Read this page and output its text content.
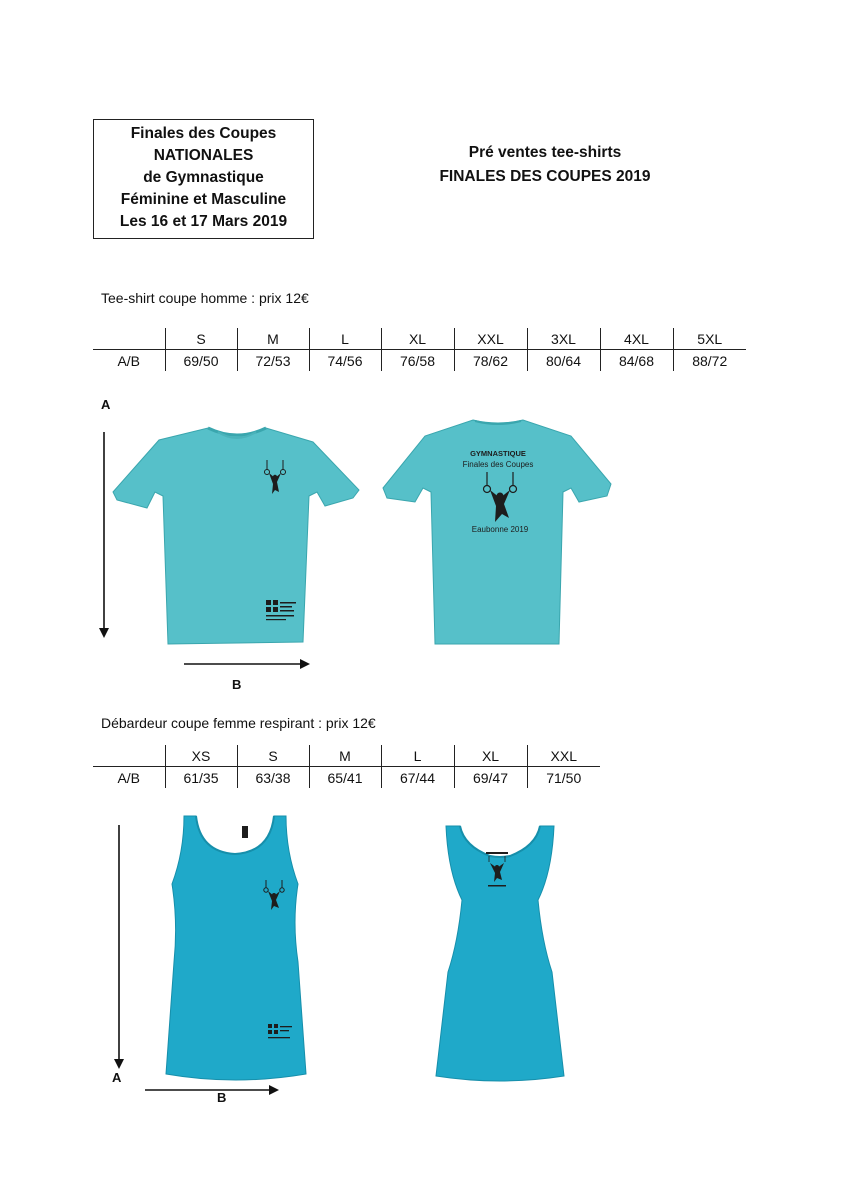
Finales des Coupes
NATIONALES
de Gymnastique
Féminine et Masculine
Les 16 et 17 Mars 2019
Pré ventes tee-shirts
FINALES DES COUPES 2019
Tee-shirt coupe homme : prix 12€
	S	M	L	XL	XXL	3XL	4XL	5XL
A/B	69/50	72/53	74/56	76/58	78/62	80/64	84/68	88/72
A
GYMNASTIQUE
Finales des Coupes
Eaubonne 2019
B
Débardeur coupe femme respirant : prix 12€
	XS	S	M	L	XL	XXL
A/B	61/35	63/38	65/41	67/44	69/47	71/50
A
B
